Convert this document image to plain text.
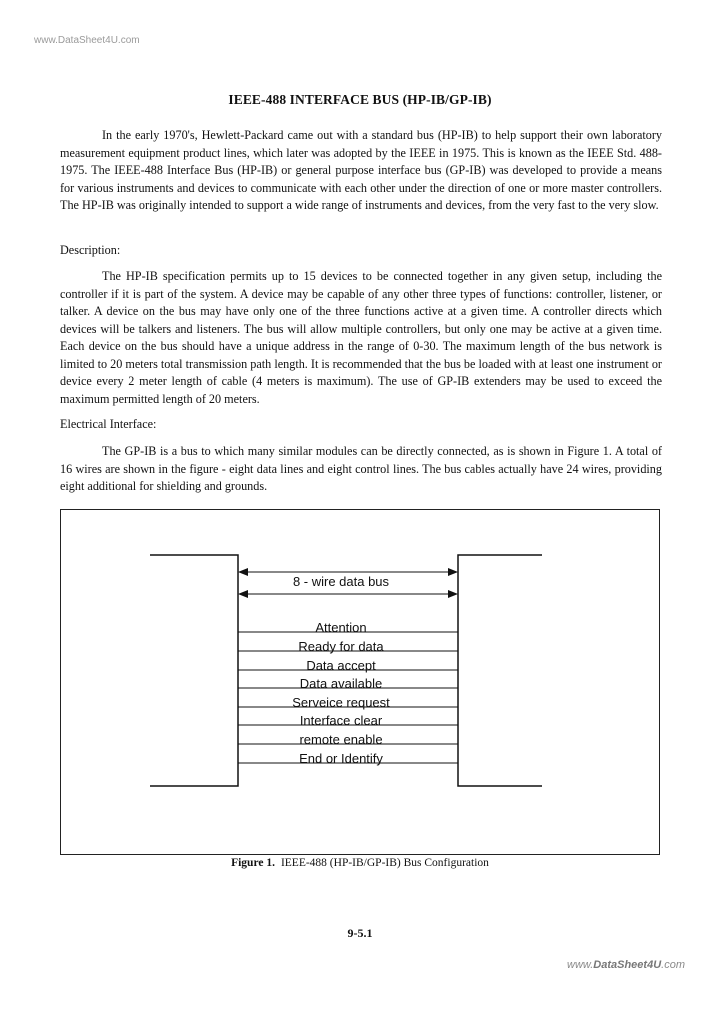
www.DataSheet4U.com
IEEE-488 INTERFACE BUS (HP-IB/GP-IB)

In the early 1970's, Hewlett-Packard came out with a standard bus (HP-IB) to help support their own laboratory measurement equipment product lines, which later was adopted by the IEEE in 1975. This is known as the IEEE Std. 488-1975. The IEEE-488 Interface Bus (HP-IB) or general purpose interface bus (GP-IB) was developed to provide a means for various instruments and devices to communicate with each other under the direction of one or more master controllers. The HP-IB was originally intended to support a wide range of instruments and devices, from the very fast to the very slow.

Description:

The HP-IB specification permits up to 15 devices to be connected together in any given setup, including the controller if it is part of the system. A device may be capable of any other three types of functions: controller, listener, or talker. A device on the bus may have only one of the three functions active at a given time. A controller directs which devices will be talkers and listeners. The bus will allow multiple controllers, but only one may be active at a given time. Each device on the bus should have a unique address in the range of 0-30. The maximum length of the bus network is limited to 20 meters total transmission path length. It is recommended that the bus be loaded with at least one instrument or device every 2 meter length of cable (4 meters is maximum). The use of GP-IB extenders may be used to exceed the maximum permitted length of 20 meters.

Electrical Interface:

The GP-IB is a bus to which many similar modules can be directly connected, as is shown in Figure 1. A total of 16 wires are shown in the figure - eight data lines and eight control lines. The bus cables actually have 24 wires, providing eight additional for shielding and grounds.

8 - wire data bus
Attention
Ready for data
Data accept
Data available
Serveice request
Interface clear
remote enable
End or Identify
Figure 1. IEEE-488 (HP-IB/GP-IB) Bus Configuration
9-5.1
www.DataSheet4U.com
